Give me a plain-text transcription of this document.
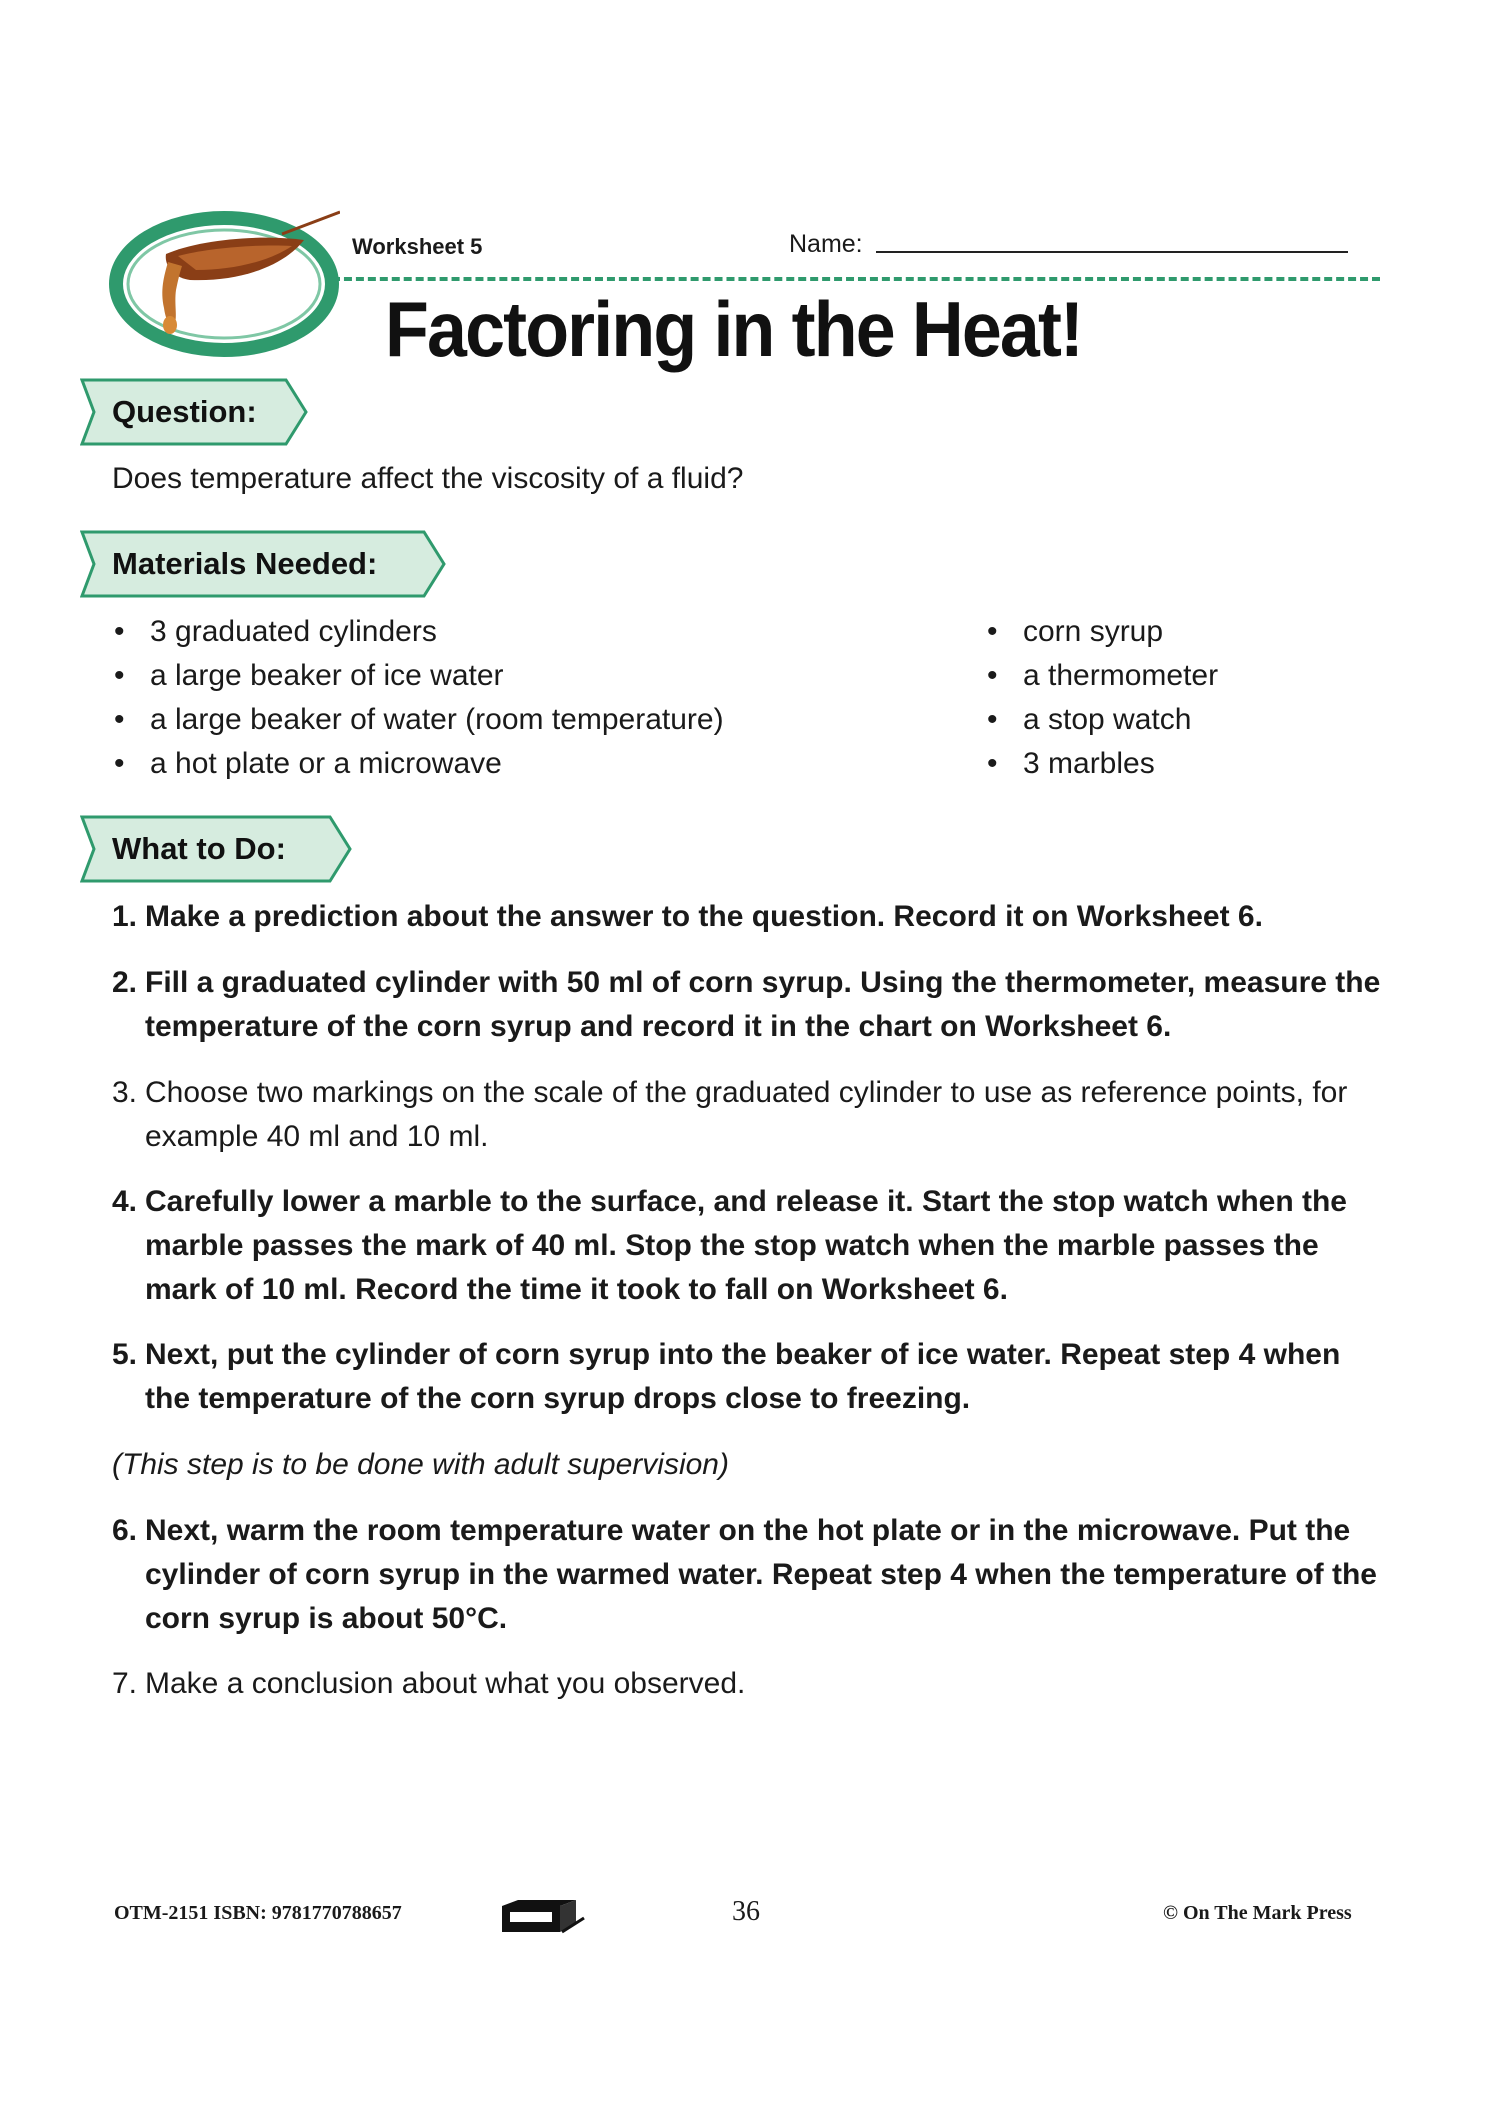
Worksheet 5	Name:
Factoring in the Heat!
Question:
Does temperature affect the viscosity of a fluid?
Materials Needed:
• 3 graduated cylinders
• a large beaker of ice water
• a large beaker of water (room temperature)
• a hot plate or a microwave
• corn syrup
• a thermometer
• a stop watch
• 3 marbles
What to Do:
1. Make a prediction about the answer to the question. Record it on Worksheet 6.
2. Fill a graduated cylinder with 50 ml of corn syrup. Using the thermometer, measure the temperature of the corn syrup and record it in the chart on Worksheet 6.
3. Choose two markings on the scale of the graduated cylinder to use as reference points, for example 40 ml and 10 ml.
4. Carefully lower a marble to the surface, and release it. Start the stop watch when the marble passes the mark of 40 ml. Stop the stop watch when the marble passes the mark of 10 ml. Record the time it took to fall on Worksheet 6.
5. Next, put the cylinder of corn syrup into the beaker of ice water. Repeat step 4 when the temperature of the corn syrup drops close to freezing.
(This step is to be done with adult supervision)
6. Next, warm the room temperature water on the hot plate or in the microwave. Put the cylinder of corn syrup in the warmed water. Repeat step 4 when the temperature of the corn syrup is about 50°C.
7. Make a conclusion about what you observed.
OTM-2151 ISBN: 9781770788657	36	© On The Mark Press
